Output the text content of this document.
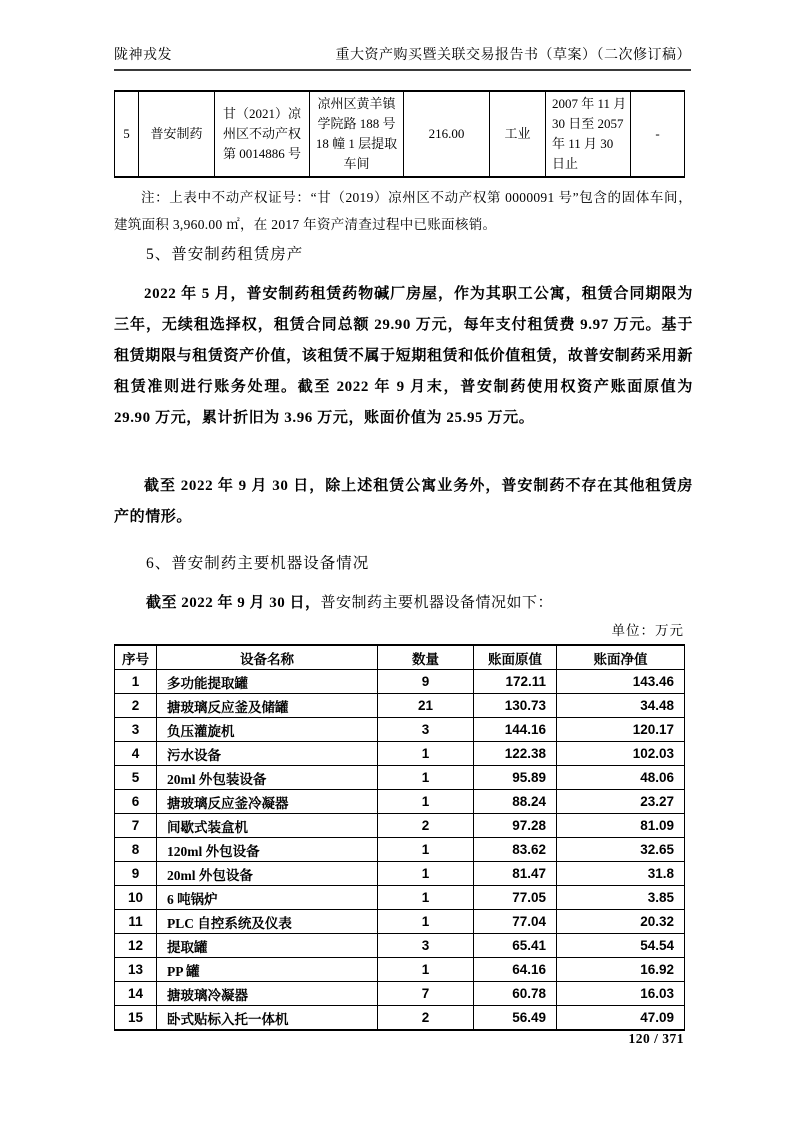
陇神戎发	重大资产购买暨关联交易报告书（草案）（二次修订稿）
5	普安制药	甘（2021）凉州区不动产权第 0014886 号	凉州区黄羊镇学院路 188 号 18 幢 1 层提取车间	216.00	工业	2007 年 11 月 30 日至 2057 年 11 月 30 日止	-
注：上表中不动产权证号：“甘（2019）凉州区不动产权第 0000091 号”包含的固体车间，建筑面积 3,960.00 ㎡，在 2017 年资产清查过程中已账面核销。
5、普安制药租赁房产
2022 年 5 月，普安制药租赁药物碱厂房屋，作为其职工公寓，租赁合同期限为三年，无续租选择权，租赁合同总额 29.90 万元，每年支付租赁费 9.97 万元。基于租赁期限与租赁资产价值，该租赁不属于短期租赁和低价值租赁，故普安制药采用新租赁准则进行账务处理。截至 2022 年 9 月末，普安制药使用权资产账面原值为 29.90 万元，累计折旧为 3.96 万元，账面价值为 25.95 万元。
截至 2022 年 9 月 30 日，除上述租赁公寓业务外，普安制药不存在其他租赁房产的情形。
6、普安制药主要机器设备情况
截至 2022 年 9 月 30 日，普安制药主要机器设备情况如下：
单位：万元
序号	设备名称	数量	账面原值	账面净值
1	多功能提取罐	9	172.11	143.46
2	搪玻璃反应釜及储罐	21	130.73	34.48
3	负压灌旋机	3	144.16	120.17
4	污水设备	1	122.38	102.03
5	20ml 外包装设备	1	95.89	48.06
6	搪玻璃反应釜冷凝器	1	88.24	23.27
7	间歇式装盒机	2	97.28	81.09
8	120ml 外包设备	1	83.62	32.65
9	20ml 外包设备	1	81.47	31.8
10	6 吨锅炉	1	77.05	3.85
11	PLC 自控系统及仪表	1	77.04	20.32
12	提取罐	3	65.41	54.54
13	PP 罐	1	64.16	16.92
14	搪玻璃冷凝器	7	60.78	16.03
15	卧式贴标入托一体机	2	56.49	47.09
120 / 371
